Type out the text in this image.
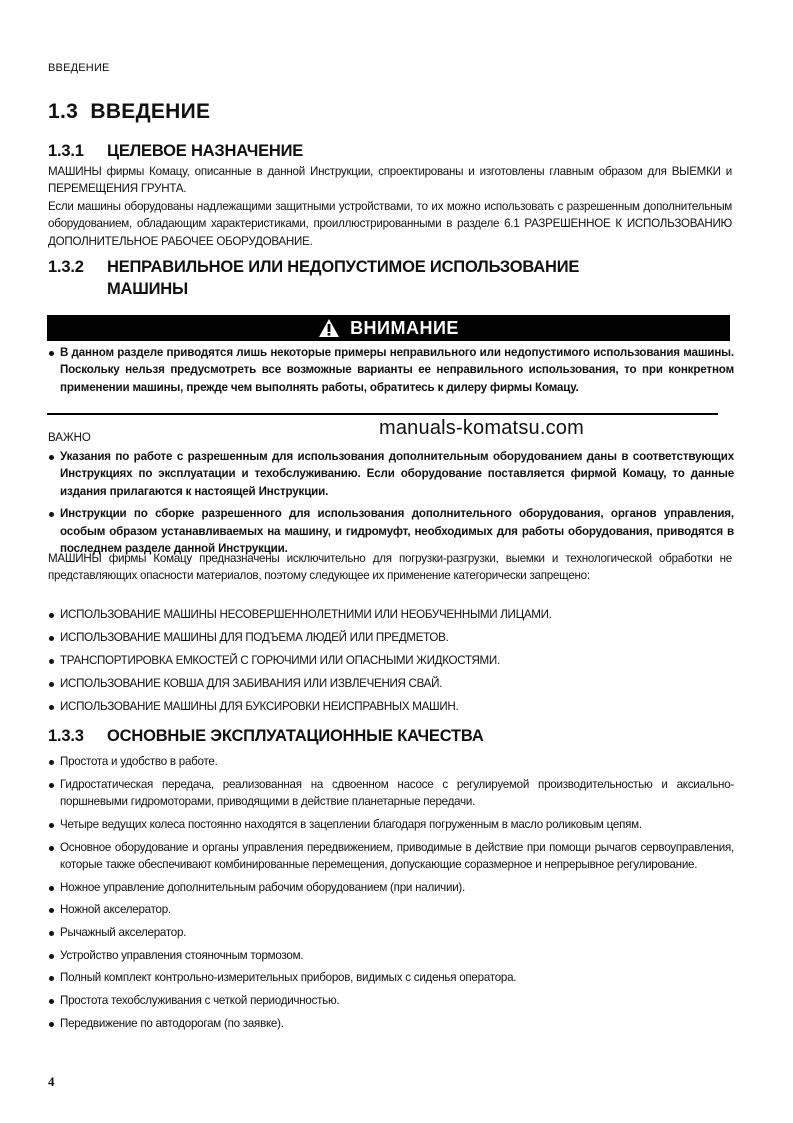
ВВЕДЕНИЕ
1.3  ВВЕДЕНИЕ
1.3.1 ЦЕЛЕВОЕ НАЗНАЧЕНИЕ

МАШИНЫ фирмы Комацу, описанные в данной Инструкции, спроектированы и изготовлены главным образом для ВЫЕМКИ и ПЕРЕМЕЩЕНИЯ ГРУНТА.

Если машины оборудованы надлежащими защитными устройствами, то их можно использовать с разрешенным дополнительным оборудованием, обладающим характеристиками, проиллюстрированными в разделе 6.1 РАЗРЕШЕННОЕ К ИСПОЛЬЗОВАНИЮ ДОПОЛНИТЕЛЬНОЕ РАБОЧЕЕ ОБОРУДОВАНИЕ.

1.3.2 НЕПРАВИЛЬНОЕ ИЛИ НЕДОПУСТИМОЕ ИСПОЛЬЗОВАНИЕ
МАШИНЫ
ВНИМАНИЕ
В данном разделе приводятся лишь некоторые примеры неправильного или недопустимого использования машины. Поскольку нельзя предусмотреть все возможные варианты ее неправильного использования, то при конкретном применении машины, прежде чем выполнять работы, обратитесь к дилеру фирмы Комацу.
manuals-komatsu.com
ВАЖНО
Указания по работе с разрешенным для использования дополнительным оборудованием даны в соответствующих Инструкциях по эксплуатации и техобслуживанию. Если оборудование поставляется фирмой Комацу, то данные издания прилагаются к настоящей Инструкции.
Инструкции по сборке разрешенного для использования дополнительного оборудования, органов управления, особым образом устанавливаемых на машину, и гидромуфт, необходимых для работы оборудования, приводятся в последнем разделе данной Инструкции.

МАШИНЫ фирмы Комацу предназначены исключительно для погрузки-разгрузки, выемки и технологической обработки не представляющих опасности материалов, поэтому следующее их применение категорически запрещено:

ИСПОЛЬЗОВАНИЕ МАШИНЫ НЕСОВЕРШЕННОЛЕТНИМИ ИЛИ НЕОБУЧЕННЫМИ ЛИЦАМИ.
ИСПОЛЬЗОВАНИЕ МАШИНЫ ДЛЯ ПОДЪЕМА ЛЮДЕЙ ИЛИ ПРЕДМЕТОВ.
ТРАНСПОРТИРОВКА ЕМКОСТЕЙ С ГОРЮЧИМИ ИЛИ ОПАСНЫМИ ЖИДКОСТЯМИ.
ИСПОЛЬЗОВАНИЕ КОВША ДЛЯ ЗАБИВАНИЯ ИЛИ ИЗВЛЕЧЕНИЯ СВАЙ.
ИСПОЛЬЗОВАНИЕ МАШИНЫ ДЛЯ БУКСИРОВКИ НЕИСПРАВНЫХ МАШИН.
1.3.3 ОСНОВНЫЕ ЭКСПЛУАТАЦИОННЫЕ КАЧЕСТВА
Простота и удобство в работе.
Гидростатическая передача, реализованная на сдвоенном насосе с регулируемой производительностью и аксиально-поршневыми гидромоторами, приводящими в действие планетарные передачи.
Четыре ведущих колеса постоянно находятся в зацеплении благодаря погруженным в масло роликовым цепям.
Основное оборудование и органы управления передвижением, приводимые в действие при помощи рычагов сервоуправления, которые также обеспечивают комбинированные перемещения, допускающие соразмерное и непрерывное регулирование.
Ножное управление дополнительным рабочим оборудованием (при наличии).
Ножной акселератор.
Рычажный акселератор.
Устройство управления стояночным тормозом.
Полный комплект контрольно-измерительных приборов, видимых с сиденья оператора.
Простота техобслуживания с четкой периодичностью.
Передвижение по автодорогам (по заявке).
4
